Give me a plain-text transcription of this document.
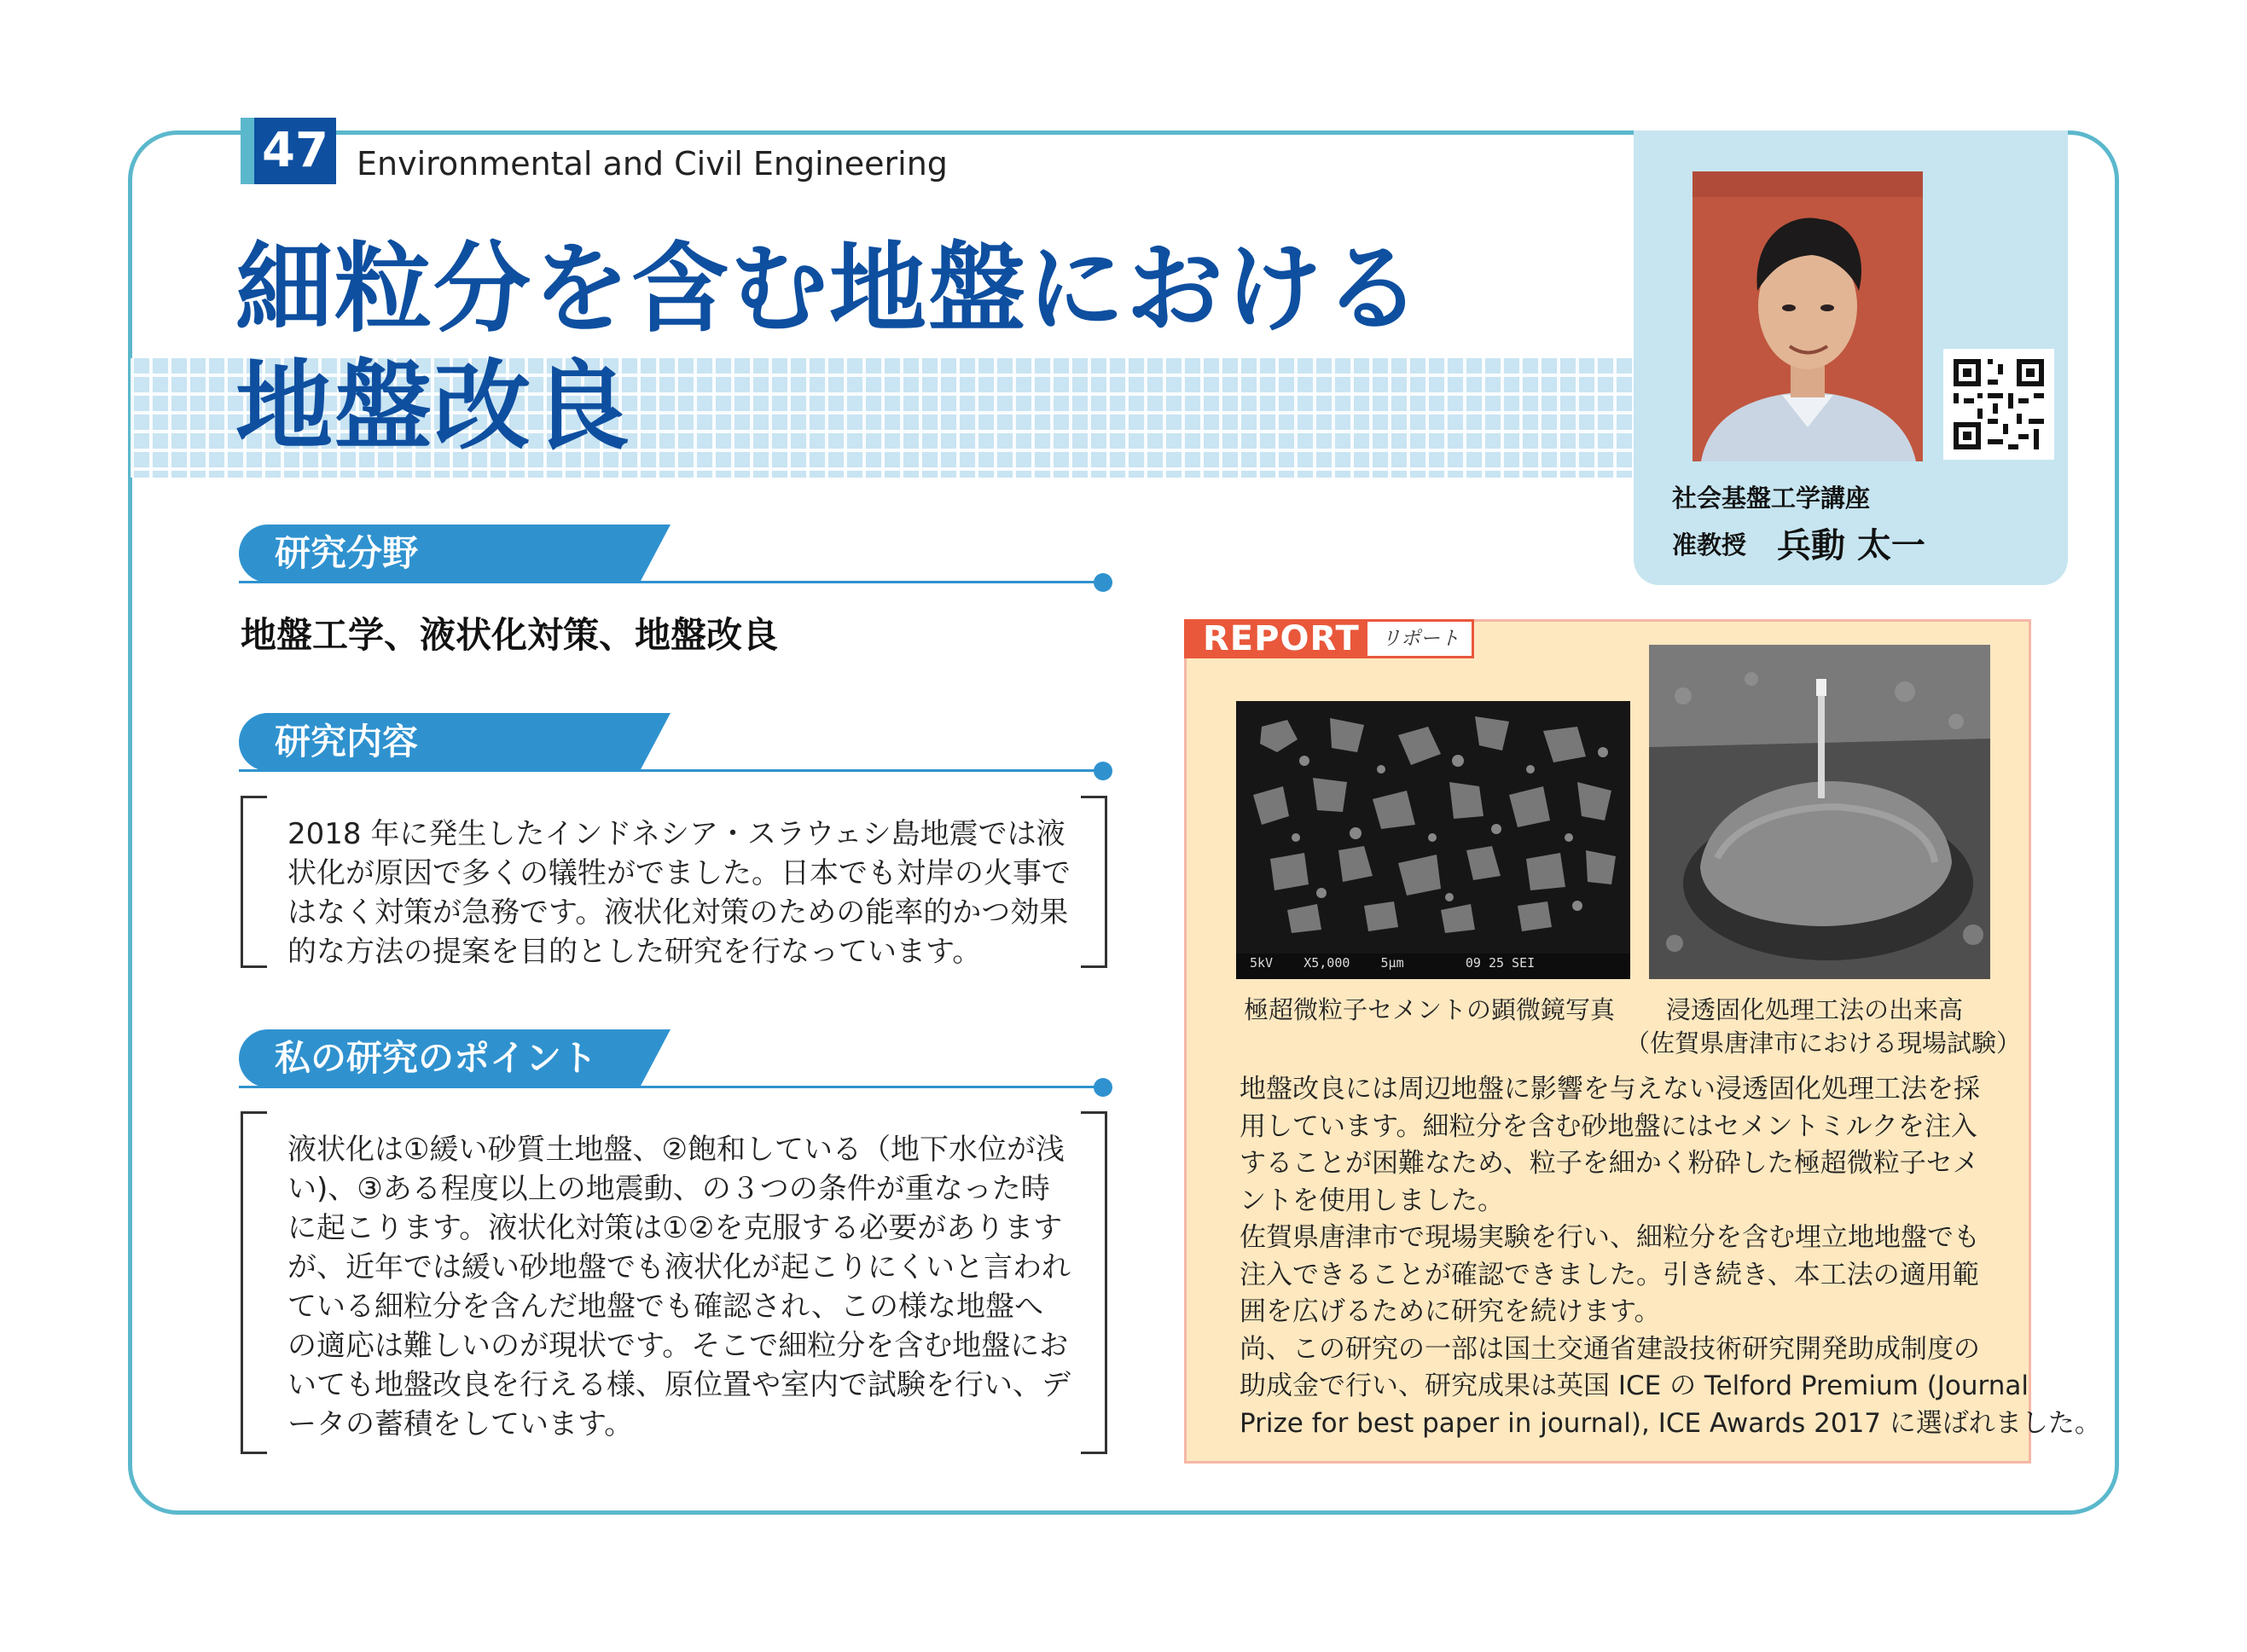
47 Environmental and Civil Engineering
細粒分を含む地盤における
地盤改良
社会基盤工学講座
准教授 兵動 太一
研究分野
地盤工学、液状化対策、地盤改良
研究内容

2018 年に発生したインドネシア・スラウェシ島地震では液状化が原因で多くの犠牲がでました。日本でも対岸の火事ではなく対策が急務です。液状化対策のための能率的かつ効果的な方法の提案を目的とした研究を行なっています。

私の研究のポイント

液状化は①緩い砂質土地盤、②飽和している（地下水位が浅い)、③ある程度以上の地震動、の３つの条件が重なった時に起こります。液状化対策は①②を克服する必要がありますが、近年では緩い砂地盤でも液状化が起こりにくいと言われている細粒分を含んだ地盤でも確認され、この様な地盤への適応は難しいのが現状です。そこで細粒分を含む地盤においても地盤改良を行える様、原位置や室内で試験を行い、データの蓄積をしています。

REPORT	リポート
5kV    X5,000    5μm        09 25 SEI
極超微粒子セメントの顕微鏡写真 浸透固化処理工法の出来高
（佐賀県唐津市における現場試験）
地盤改良には周辺地盤に影響を与えない浸透固化処理工法を採
用しています。細粒分を含む砂地盤にはセメントミルクを注入
することが困難なため、粒子を細かく粉砕した極超微粒子セメ
ントを使用しました。
佐賀県唐津市で現場実験を行い、細粒分を含む埋立地地盤でも
注入できることが確認できました。引き続き、本工法の適用範
囲を広げるために研究を続けます。
尚、この研究の一部は国土交通省建設技術研究開発助成制度の
助成金で行い、研究成果は英国 ICE の Telford Premium (Journal
Prize for best paper in journal), ICE Awards 2017 に選ばれました。
